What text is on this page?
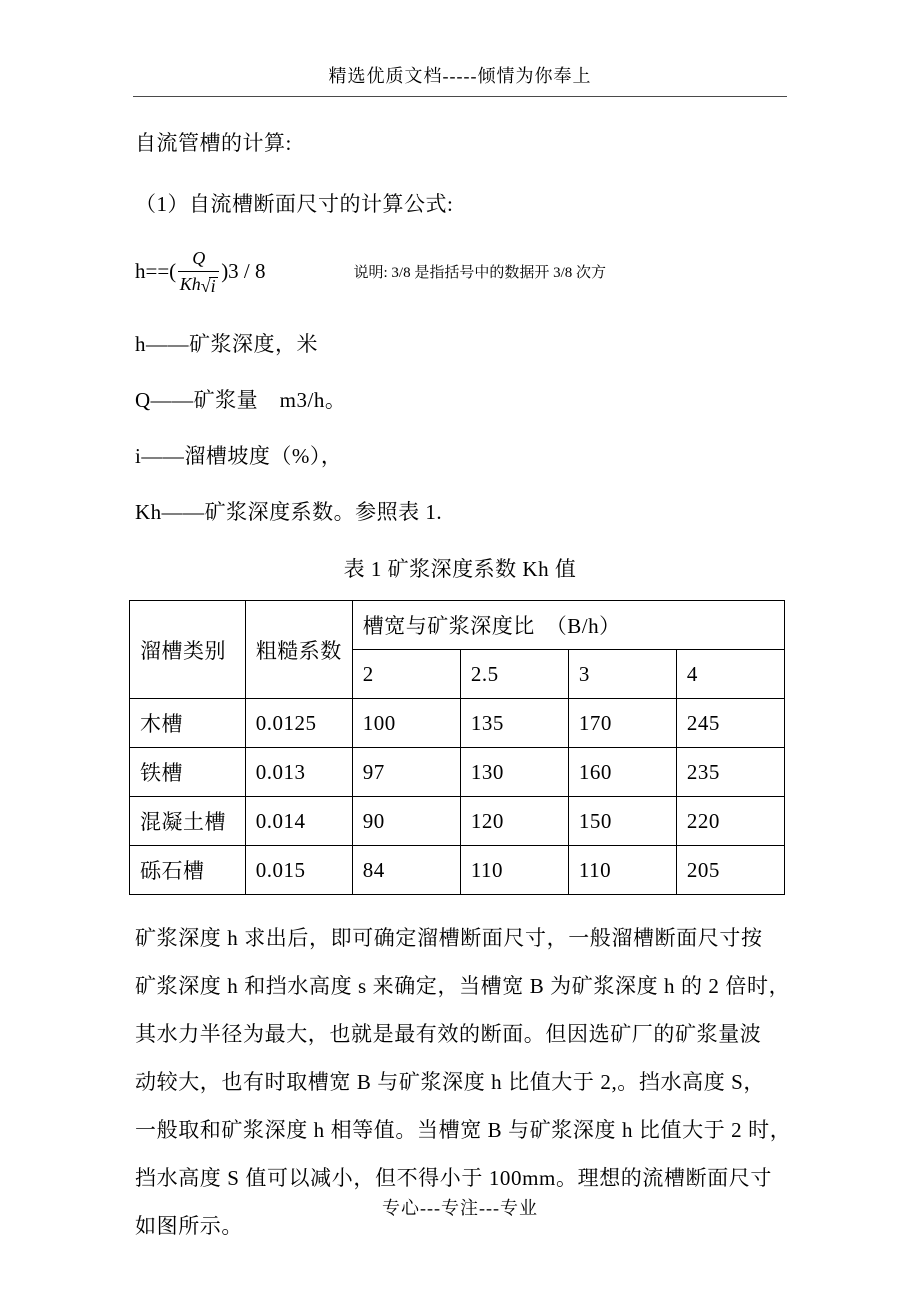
精选优质文档-----倾情为你奉上

自流管槽的计算:

（1）自流槽断面尺寸的计算公式:

$h==( \frac{Q}{Kh √ i} )3 / 8$	说明: 3/8 是指括号中的数据开 3/8 次方

h——矿浆深度，米

Q——矿浆量　m3/h。

i——溜槽坡度（%），

Kh——矿浆深度系数。参照表 1.

表 1 矿浆深度系数 Kh 值

溜槽类别	粗糙系数	槽宽与矿浆深度比　（B/h）			
		2	2.5	3	4
木槽	0.0125	100	135	170	245
铁槽	0.013	97	130	160	235
混凝土槽	0.014	90	120	150	220
砾石槽	0.015	84	110	110	205
矿浆深度 h 求出后，即可确定溜槽断面尺寸，一般溜槽断面尺寸按
矿浆深度 h 和挡水高度 s 来确定，当槽宽 B 为矿浆深度 h 的 2 倍时，
其水力半径为最大，也就是最有效的断面。但因选矿厂的矿浆量波
动较大，也有时取槽宽 B 与矿浆深度 h 比值大于 2,。挡水高度 S，
一般取和矿浆深度 h 相等值。当槽宽 B 与矿浆深度 h 比值大于 2 时，
挡水高度 S 值可以减小，但不得小于 100mm。理想的流槽断面尺寸
如图所示。
专心---专注---专业
